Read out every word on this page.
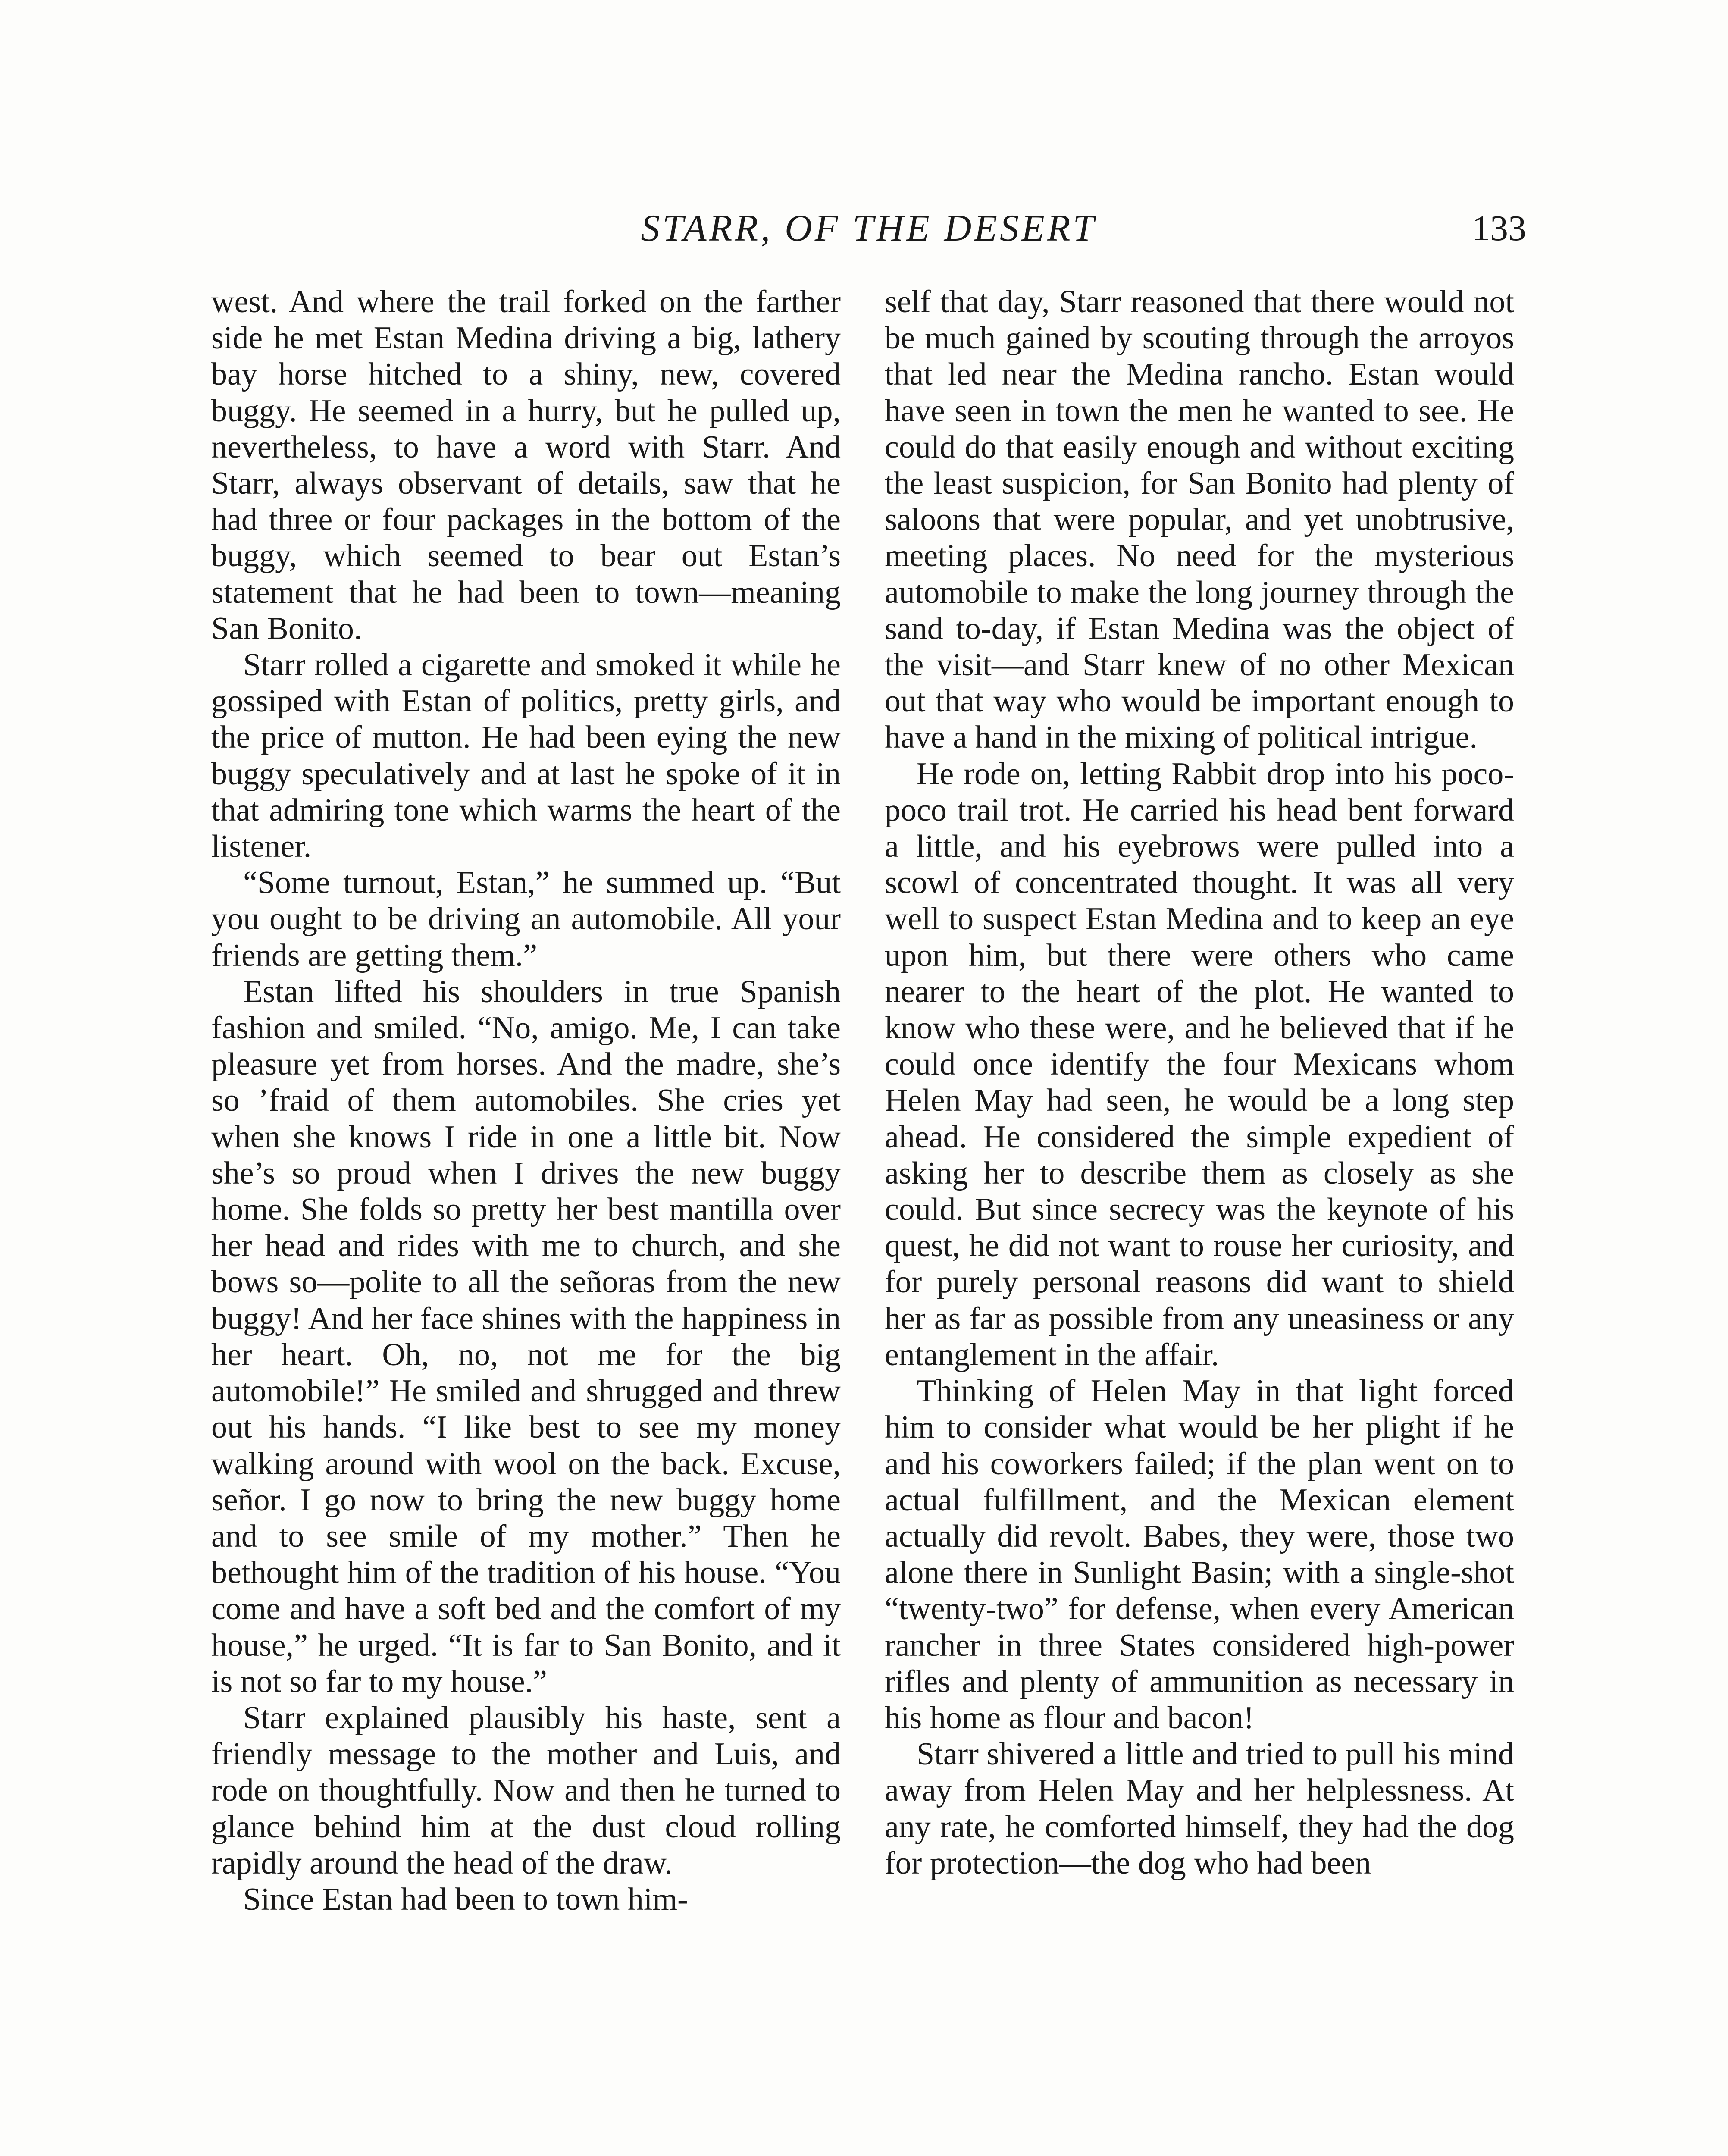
STARR, OF THE DESERT	133

west. And where the trail forked on the farther side he met Estan Medina driving a big, lathery bay horse hitched to a shiny, new, covered buggy. He seemed in a hurry, but he pulled up, nevertheless, to have a word with Starr. And Starr, always observant of details, saw that he had three or four packages in the bottom of the buggy, which seemed to bear out Estan’s statement that he had been to town—meaning San Bonito.

Starr rolled a cigarette and smoked it while he gossiped with Estan of politics, pretty girls, and the price of mutton. He had been eying the new buggy speculatively and at last he spoke of it in that admiring tone which warms the heart of the listener.

“Some turnout, Estan,” he summed up. “But you ought to be driving an automobile. All your friends are getting them.”

Estan lifted his shoulders in true Spanish fashion and smiled. “No, amigo. Me, I can take pleasure yet from horses. And the madre, she’s so ’fraid of them automobiles. She cries yet when she knows I ride in one a little bit. Now she’s so proud when I drives the new buggy home. She folds so pretty her best mantilla over her head and rides with me to church, and she bows so—polite to all the señoras from the new buggy! And her face shines with the happiness in her heart. Oh, no, not me for the big automobile!” He smiled and shrugged and threw out his hands. “I like best to see my money walking around with wool on the back. Excuse, señor. I go now to bring the new buggy home and to see smile of my mother.” Then he bethought him of the tradition of his house. “You come and have a soft bed and the comfort of my house,” he urged. “It is far to San Bonito, and it is not so far to my house.”

Starr explained plausibly his haste, sent a friendly message to the mother and Luis, and rode on thoughtfully. Now and then he turned to glance behind him at the dust cloud rolling rapidly around the head of the draw.

Since Estan had been to town him-

self that day, Starr reasoned that there would not be much gained by scouting through the arroyos that led near the Medina rancho. Estan would have seen in town the men he wanted to see. He could do that easily enough and without exciting the least suspicion, for San Bonito had plenty of saloons that were popular, and yet unobtrusive, meeting places. No need for the mysterious automobile to make the long journey through the sand to-day, if Estan Medina was the object of the visit—and Starr knew of no other Mexican out that way who would be important enough to have a hand in the mixing of political intrigue.

He rode on, letting Rabbit drop into his poco-poco trail trot. He carried his head bent forward a little, and his eyebrows were pulled into a scowl of concentrated thought. It was all very well to suspect Estan Medina and to keep an eye upon him, but there were others who came nearer to the heart of the plot. He wanted to know who these were, and he believed that if he could once identify the four Mexicans whom Helen May had seen, he would be a long step ahead. He considered the simple expedient of asking her to describe them as closely as she could. But since secrecy was the keynote of his quest, he did not want to rouse her curiosity, and for purely personal reasons did want to shield her as far as possible from any uneasiness or any entanglement in the affair.

Thinking of Helen May in that light forced him to consider what would be her plight if he and his coworkers failed; if the plan went on to actual fulfillment, and the Mexican element actually did revolt. Babes, they were, those two alone there in Sunlight Basin; with a single-shot “twenty-two” for defense, when every American rancher in three States considered high-power rifles and plenty of ammunition as necessary in his home as flour and bacon!

Starr shivered a little and tried to pull his mind away from Helen May and her helplessness. At any rate, he comforted himself, they had the dog for protection—the dog who had been
